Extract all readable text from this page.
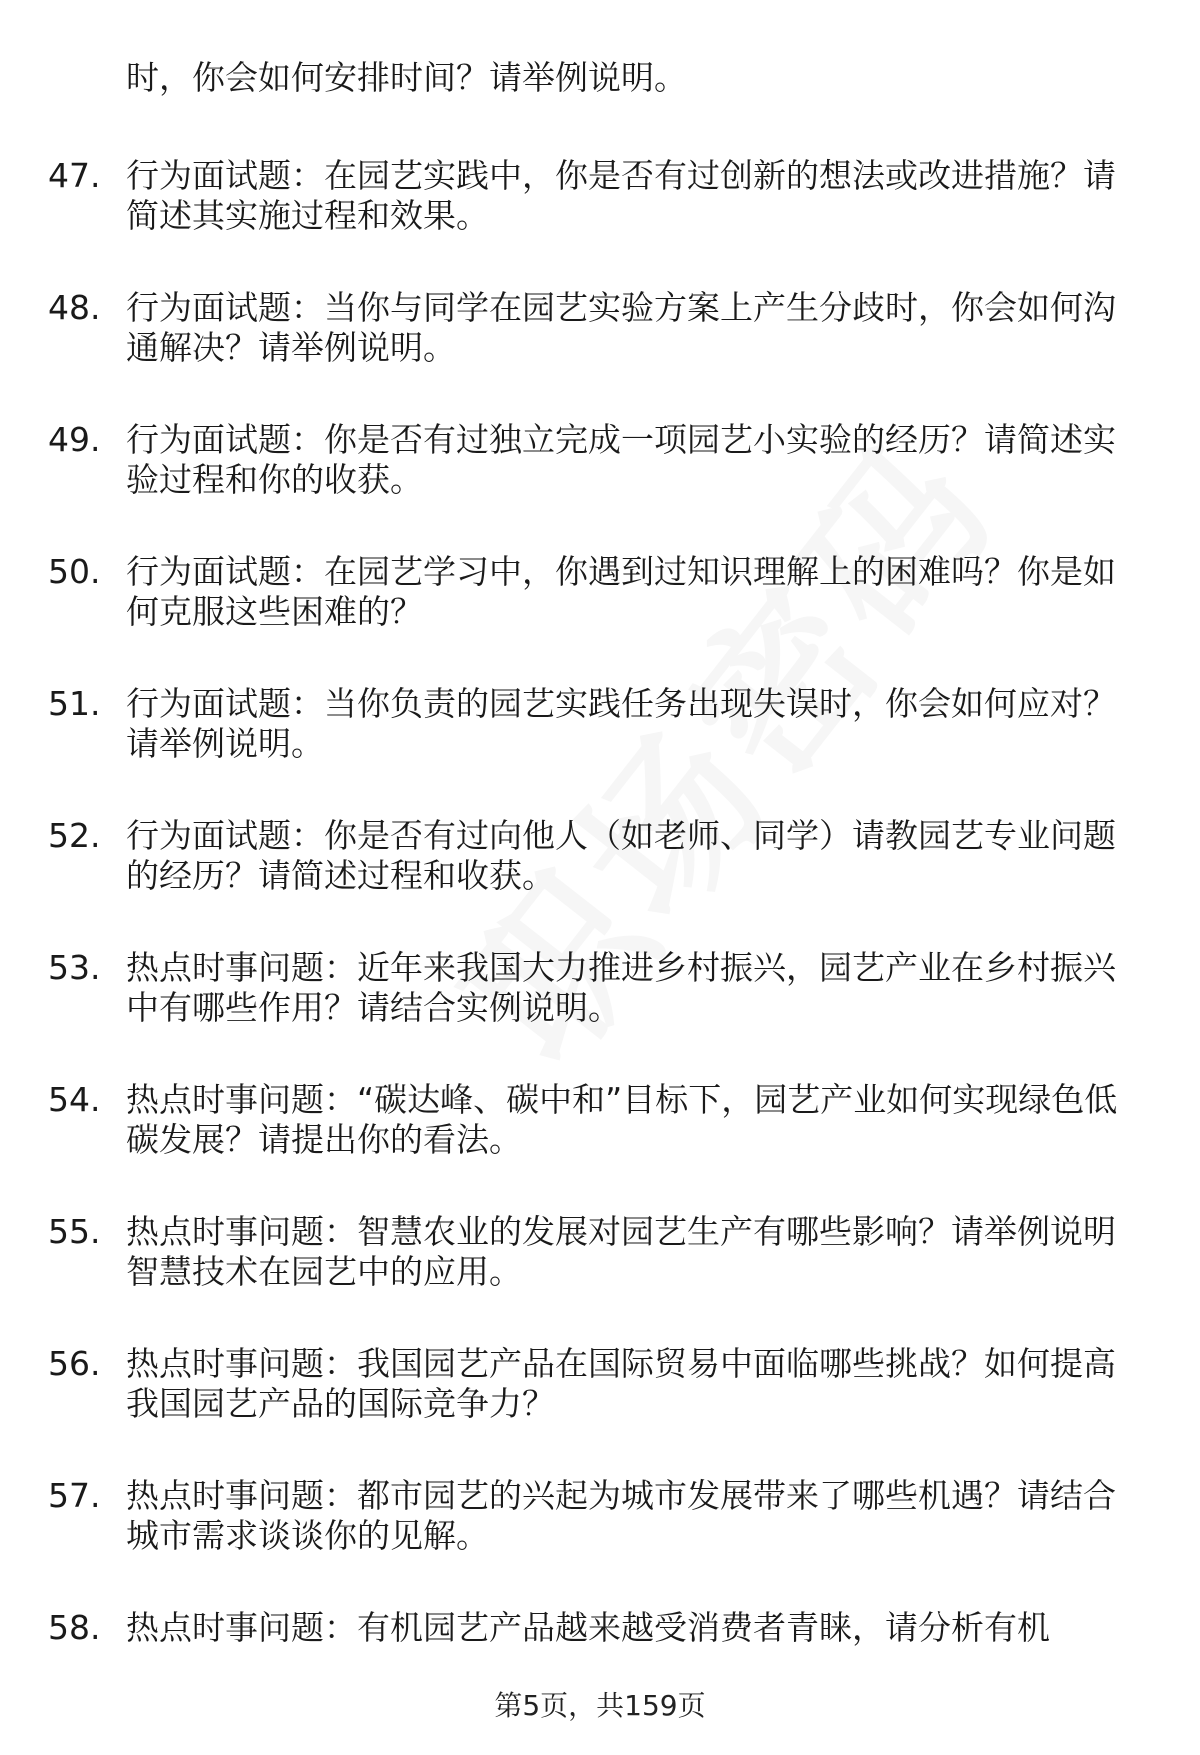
时，你会如何安排时间？请举例说明。
47. 行为面试题：在园艺实践中，你是否有过创新的想法或改进措施？请简述其实施过程和效果。
48. 行为面试题：当你与同学在园艺实验方案上产生分歧时，你会如何沟通解决？请举例说明。
49. 行为面试题：你是否有过独立完成一项园艺小实验的经历？请简述实验过程和你的收获。
50. 行为面试题：在园艺学习中，你遇到过知识理解上的困难吗？你是如何克服这些困难的？
51. 行为面试题：当你负责的园艺实践任务出现失误时，你会如何应对？请举例说明。
52. 行为面试题：你是否有过向他人（如老师、同学）请教园艺专业问题的经历？请简述过程和收获。
53. 热点时事问题：近年来我国大力推进乡村振兴，园艺产业在乡村振兴中有哪些作用？请结合实例说明。
54. 热点时事问题：“碳达峰、碳中和”目标下，园艺产业如何实现绿色低碳发展？请提出你的看法。
55. 热点时事问题：智慧农业的发展对园艺生产有哪些影响？请举例说明智慧技术在园艺中的应用。
56. 热点时事问题：我国园艺产品在国际贸易中面临哪些挑战？如何提高我国园艺产品的国际竞争力？
57. 热点时事问题：都市园艺的兴起为城市发展带来了哪些机遇？请结合城市需求谈谈你的见解。
58. 热点时事问题：有机园艺产品越来越受消费者青睐，请分析有机
第5页，共159页
